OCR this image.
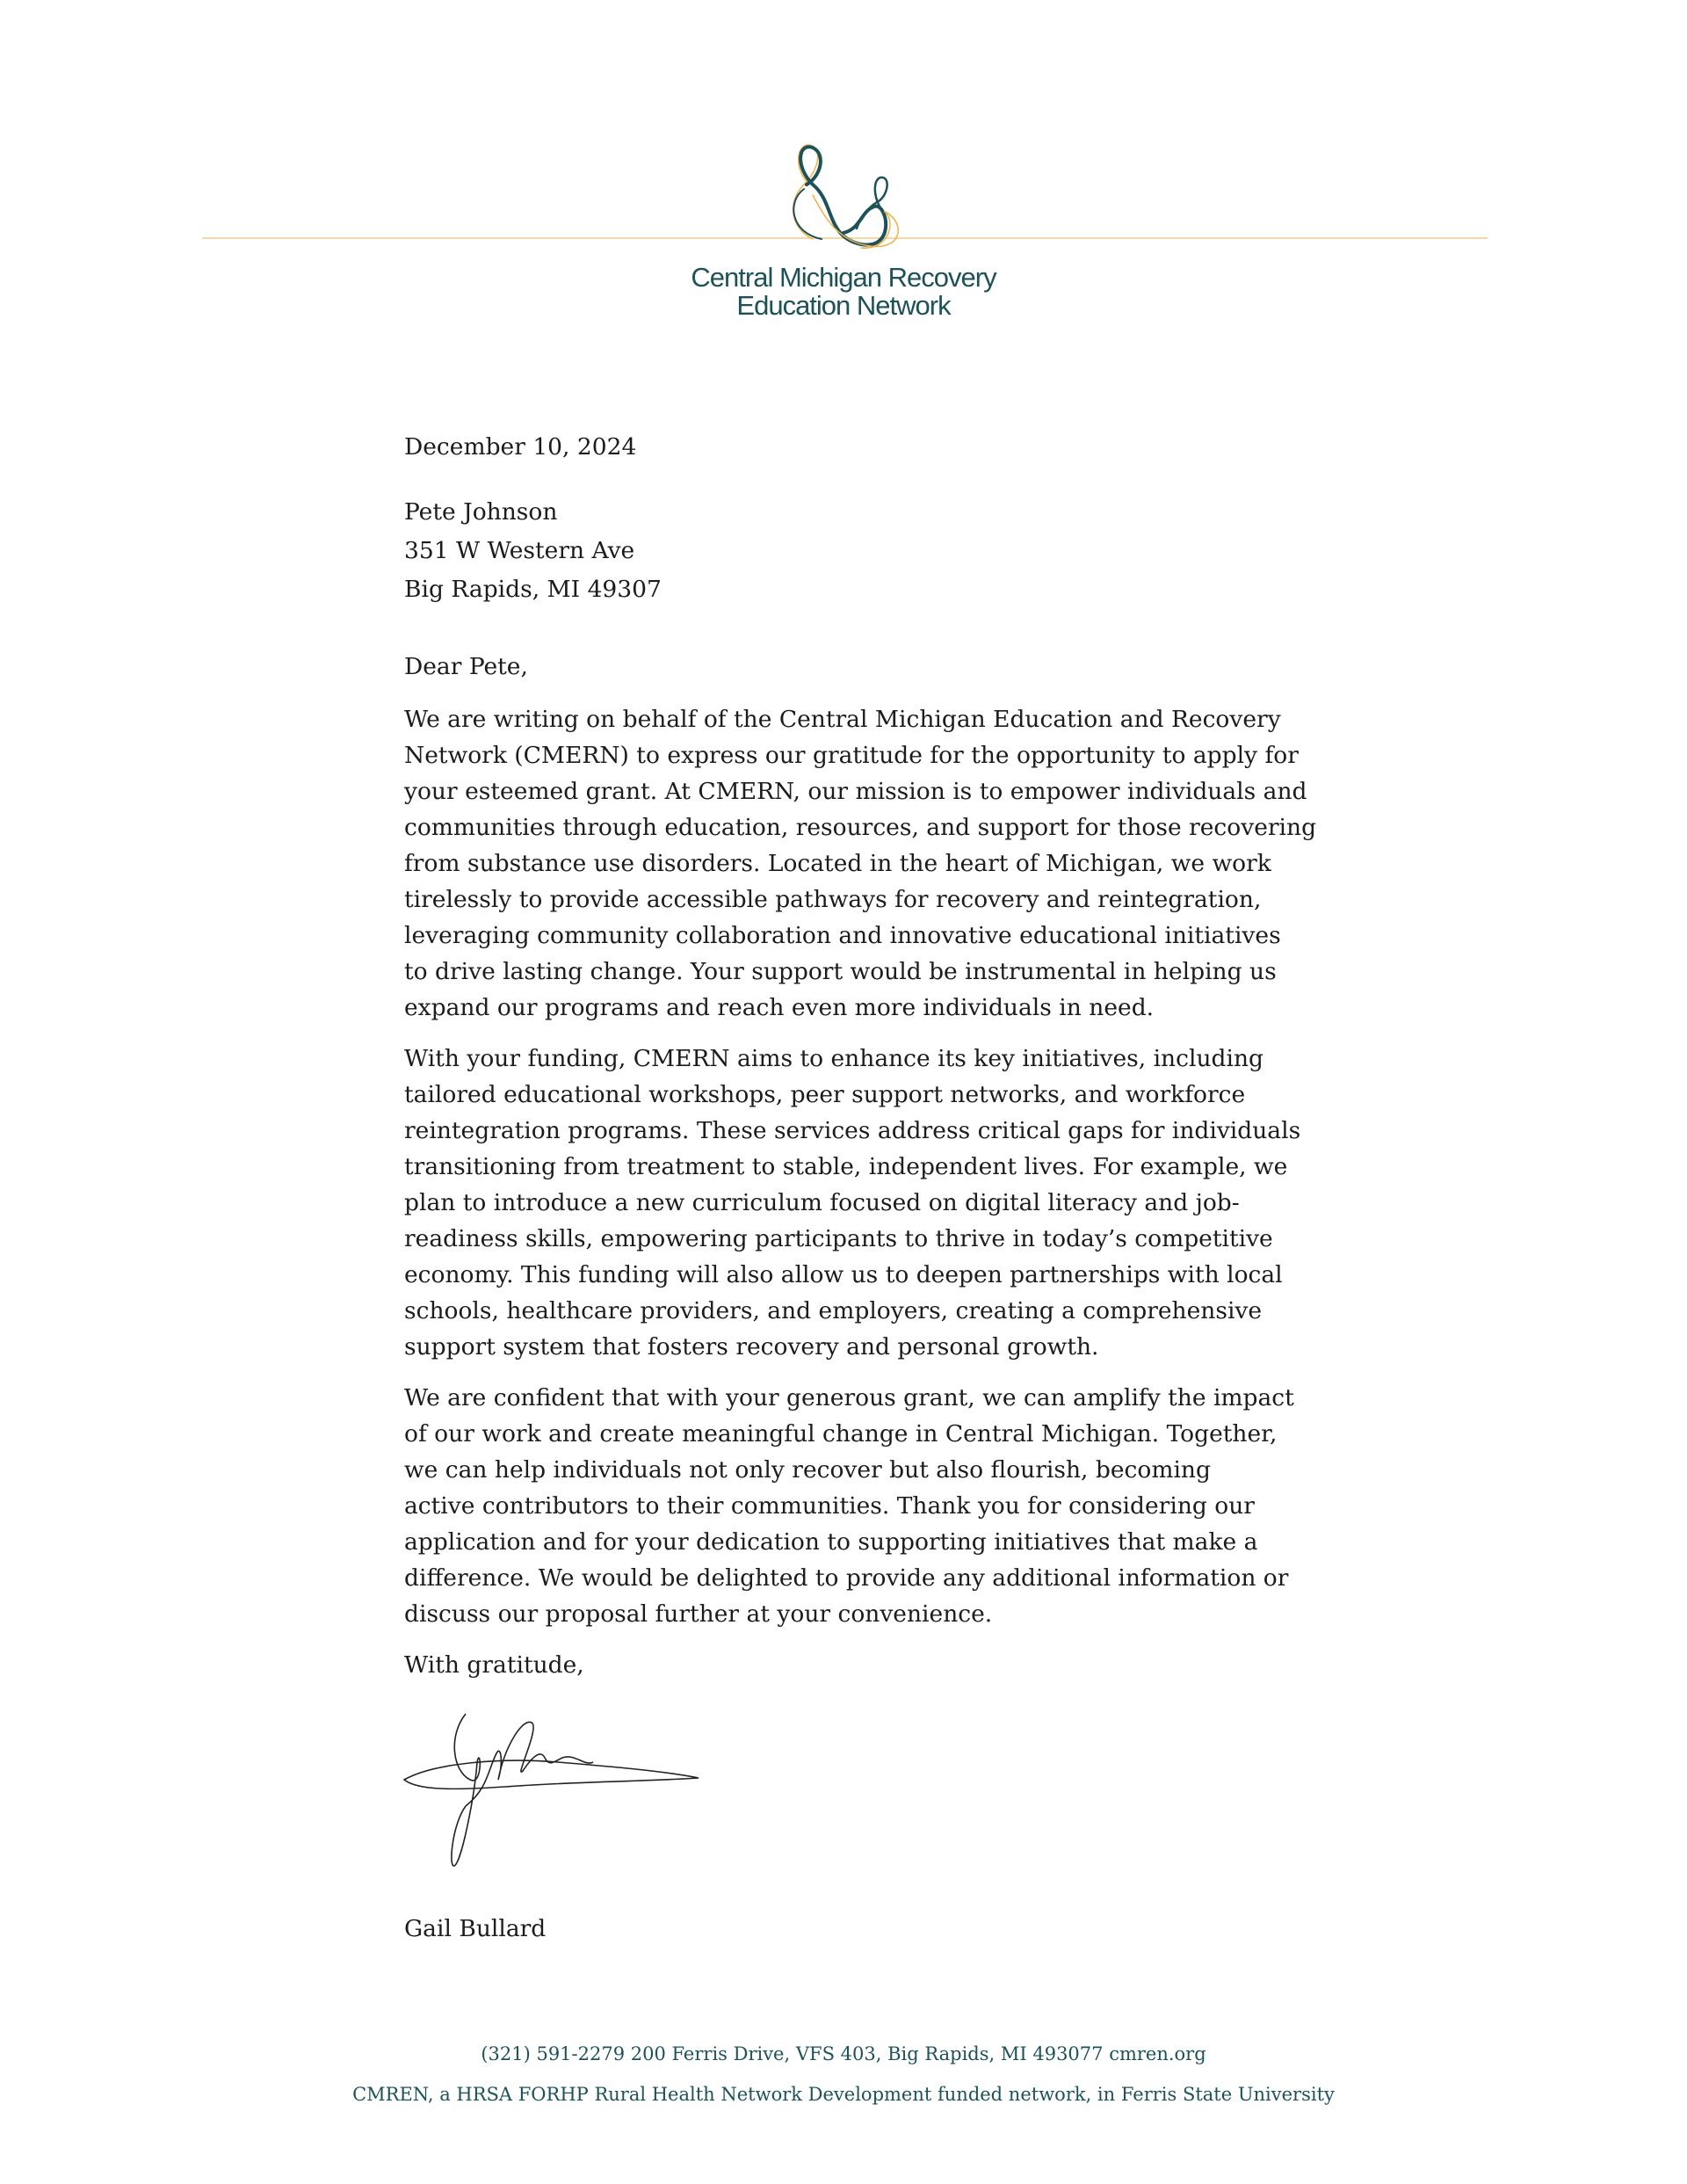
Central Michigan Recovery
Education Network
December 10, 2024
Pete Johnson
351 W Western Ave
Big Rapids, MI 49307
Dear Pete,
We are writing on behalf of the Central Michigan Education and Recovery
Network (CMERN) to express our gratitude for the opportunity to apply for
your esteemed grant. At CMERN, our mission is to empower individuals and
communities through education, resources, and support for those recovering
from substance use disorders. Located in the heart of Michigan, we work
tirelessly to provide accessible pathways for recovery and reintegration,
leveraging community collaboration and innovative educational initiatives
to drive lasting change. Your support would be instrumental in helping us
expand our programs and reach even more individuals in need.
With your funding, CMERN aims to enhance its key initiatives, including
tailored educational workshops, peer support networks, and workforce
reintegration programs. These services address critical gaps for individuals
transitioning from treatment to stable, independent lives. For example, we
plan to introduce a new curriculum focused on digital literacy and job-
readiness skills, empowering participants to thrive in today’s competitive
economy. This funding will also allow us to deepen partnerships with local
schools, healthcare providers, and employers, creating a comprehensive
support system that fosters recovery and personal growth.
We are confident that with your generous grant, we can amplify the impact
of our work and create meaningful change in Central Michigan. Together,
we can help individuals not only recover but also flourish, becoming
active contributors to their communities. Thank you for considering our
application and for your dedication to supporting initiatives that make a
difference. We would be delighted to provide any additional information or
discuss our proposal further at your convenience.
With gratitude,
Gail Bullard
(321) 591-2279 200 Ferris Drive, VFS 403, Big Rapids, MI 493077 cmren.org
CMREN, a HRSA FORHP Rural Health Network Development funded network, in Ferris State University
